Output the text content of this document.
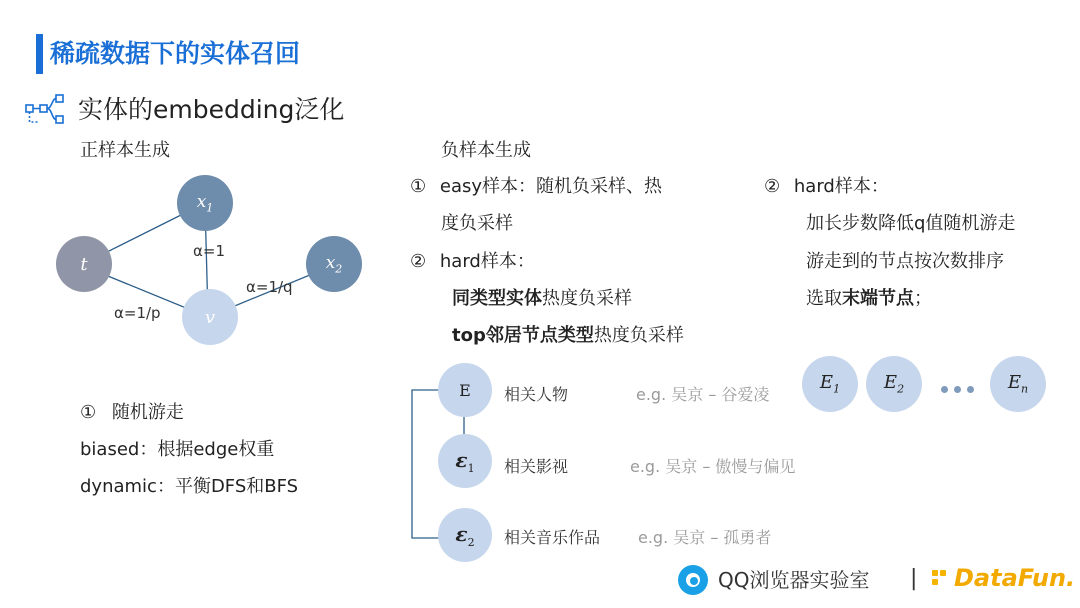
稀疏数据下的实体召回
实体的embedding泛化
正样本生成
t
$x_1$
v
$x_2$
α=1
α=1/p
α=1/q
① 随机游走
biased：根据edge权重
dynamic：平衡DFS和BFS
负样本生成
① easy样本：随机负采样、热
度负采样
② hard样本：
同类型实体热度负采样
top邻居节点类型热度负采样
② hard样本：
加长步数降低q值随机游走
游走到的节点按次数排序
选取末端节点；
E 相关人物	e.g. 吴京 – 谷爱凌
$\varepsilon_1$ 相关影视	e.g. 吴京 – 傲慢与偏见
$\varepsilon_2$ 相关音乐作品 e.g. 吴京 – 孤勇者
$E_1$ $E_2$	$E_n$
QQ浏览器实验室 | DataFun.
